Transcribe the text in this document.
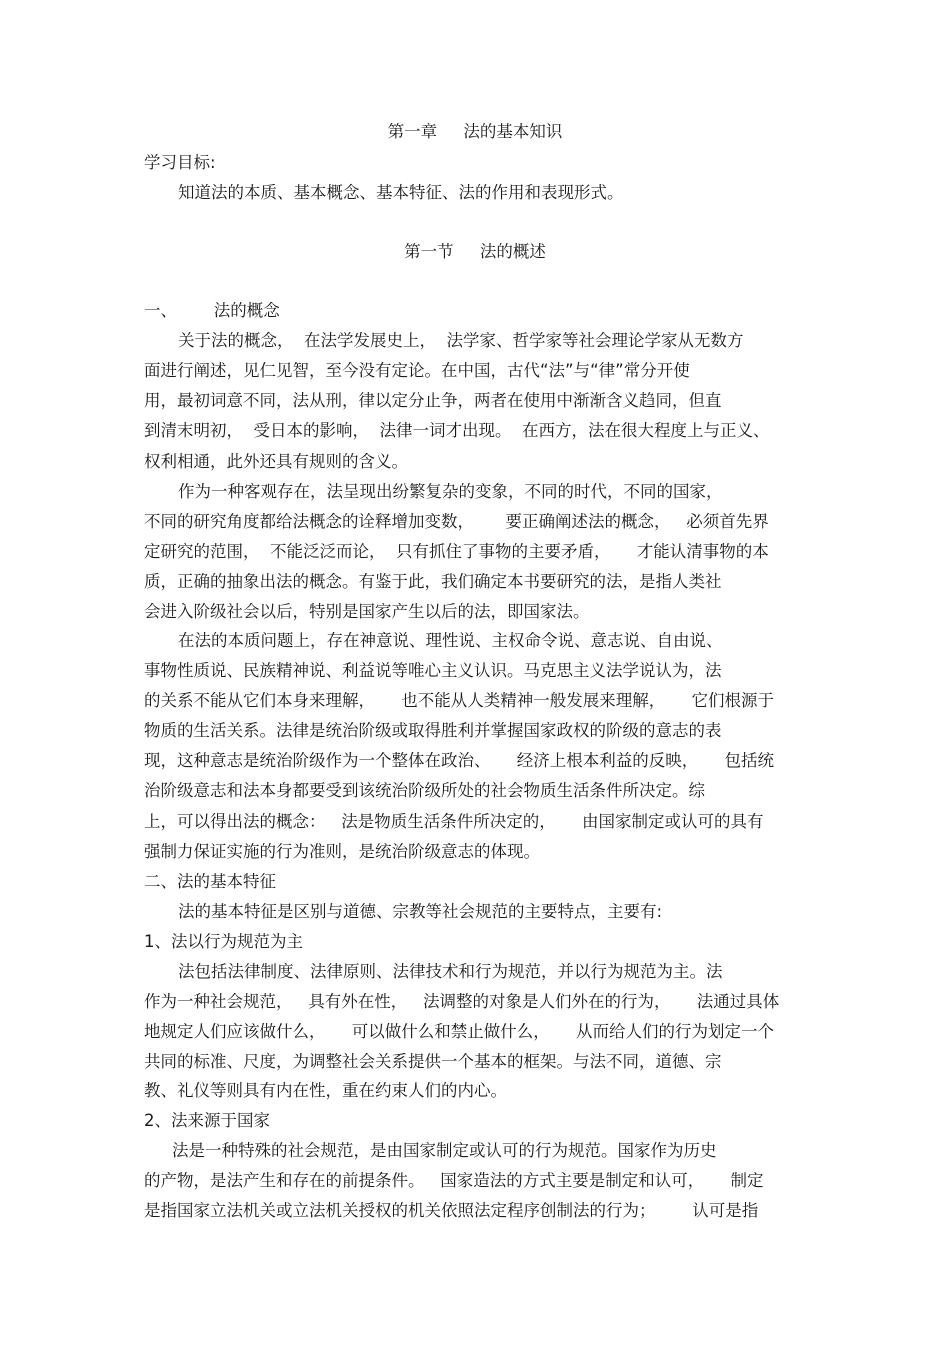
第一章     法的基本知识

学习目标:

知道法的本质、基本概念、基本特征、法的作用和表现形式。

第一节     法的概述

一、       法的概念

关于法的概念，  在法学发展史上，  法学家、哲学家等社会理论学家从无数方

面进行阐述，见仁见智，至今没有定论。在中国，古代“法”与“律”常分开使

用，最初词意不同，法从刑，律以定分止争，两者在使用中渐渐含义趋同，但直

到清末明初，  受日本的影响，  法律一词才出现。  在西方，法在很大程度上与正义、

权利相通，此外还具有规则的含义。

作为一种客观存在，法呈现出纷繁复杂的变象，不同的时代，不同的国家，

不同的研究角度都给法概念的诠释增加变数，      要正确阐述法的概念，   必须首先界

定研究的范围，  不能泛泛而论，  只有抓住了事物的主要矛盾，     才能认清事物的本

质，正确的抽象出法的概念。有鉴于此，我们确定本书要研究的法，是指人类社

会进入阶级社会以后，特别是国家产生以后的法，即国家法。

在法的本质问题上，存在神意说、理性说、主权命令说、意志说、自由说、

事物性质说、民族精神说、利益说等唯心主义认识。马克思主义法学说认为，法

的关系不能从它们本身来理解，     也不能从人类精神一般发展来理解，     它们根源于

物质的生活关系。法律是统治阶级或取得胜利并掌握国家政权的阶级的意志的表

现，这种意志是统治阶级作为一个整体在政治、     经济上根本利益的反映，     包括统

治阶级意志和法本身都要受到该统治阶级所处的社会物质生活条件所决定。综

上，可以得出法的概念：   法是物质生活条件所决定的，     由国家制定或认可的具有

强制力保证实施的行为准则，是统治阶级意志的体现。

二、法的基本特征

法的基本特征是区别与道德、宗教等社会规范的主要特点，主要有:

1、法以行为规范为主

法包括法律制度、法律原则、法律技术和行为规范，并以行为规范为主。法

作为一种社会规范，   具有外在性，   法调整的对象是人们外在的行为，     法通过具体

地规定人们应该做什么，     可以做什么和禁止做什么，     从而给人们的行为划定一个

共同的标准、尺度，为调整社会关系提供一个基本的框架。与法不同，道德、宗

教、礼仪等则具有内在性，重在约束人们的内心。

2、法来源于国家

法是一种特殊的社会规范，是由国家制定或认可的行为规范。国家作为历史

的产物，是法产生和存在的前提条件。   国家造法的方式主要是制定和认可，     制定

是指国家立法机关或立法机关授权的机关依照法定程序创制法的行为；       认可是指
